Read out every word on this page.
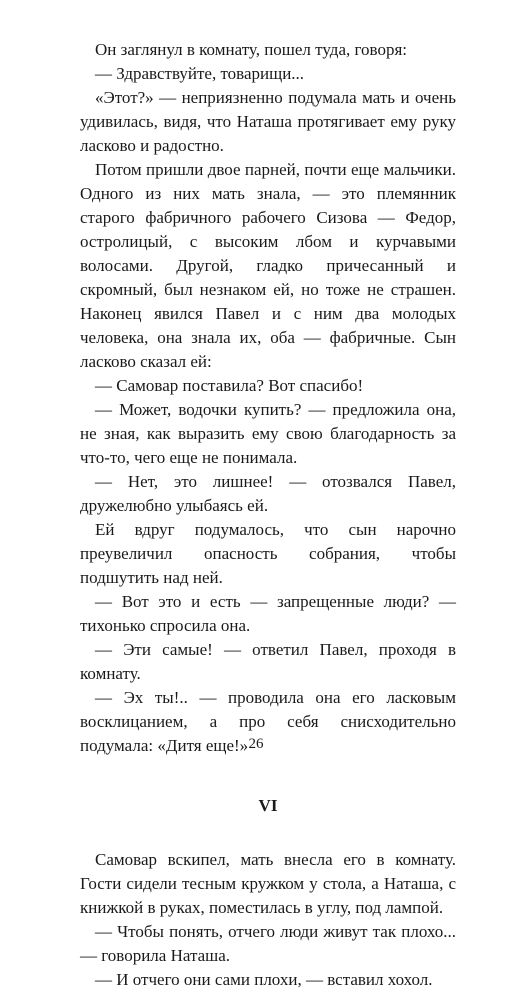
Он заглянул в комнату, пошел туда, говоря:

— Здравствуйте, товарищи...

«Этот?» — неприязненно подумала мать и очень удивилась, видя, что Наташа протягивает ему руку ласково и радостно.

Потом пришли двое парней, почти еще мальчики. Одного из них мать знала, — это племянник старого фабричного рабочего Сизова — Федор, остролицый, с высоким лбом и курчавыми волосами. Другой, гладко причесанный и скромный, был незнаком ей, но тоже не страшен. Наконец явился Павел и с ним два молодых человека, она знала их, оба — фабричные. Сын ласково сказал ей:

— Самовар поставила? Вот спасибо!

— Может, водочки купить? — предложила она, не зная, как выразить ему свою благодарность за что-то, чего еще не понимала.

— Нет, это лишнее! — отозвался Павел, дружелюбно улыбаясь ей.

Ей вдруг подумалось, что сын нарочно преувеличил опасность собрания, чтобы подшутить над ней.

— Вот это и есть — запрещенные люди? — тихонько спросила она.

— Эти самые! — ответил Павел, проходя в комнату.

— Эх ты!.. — проводила она его ласковым восклицанием, а про себя снисходительно подумала: «Дитя еще!»

VI

Самовар вскипел, мать внесла его в комнату. Гости сидели тесным кружком у стола, а Наташа, с книжкой в руках, поместилась в углу, под лампой.

— Чтобы понять, отчего люди живут так плохо... — говорила Наташа.

— И отчего они сами плохи, — вставил хохол.

26
